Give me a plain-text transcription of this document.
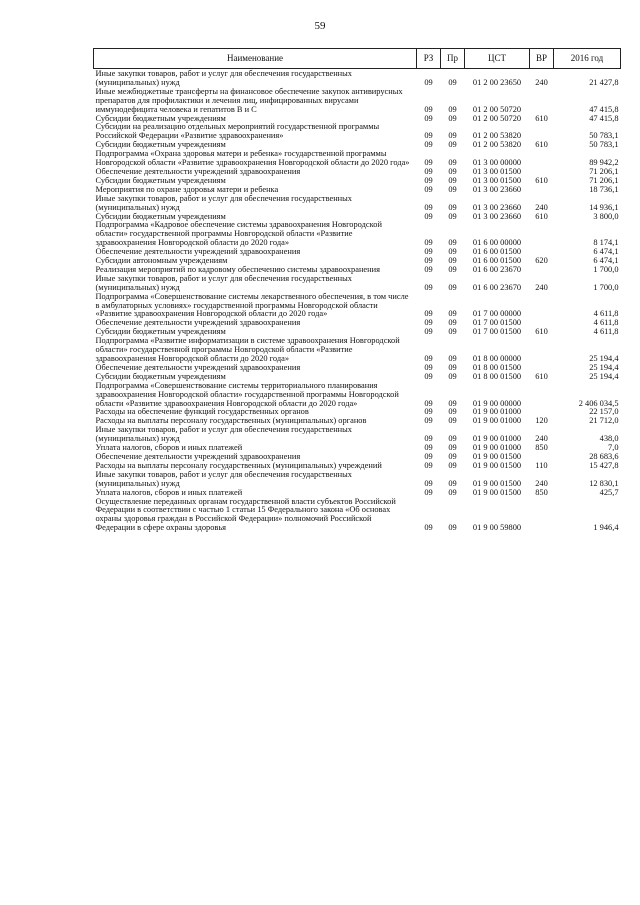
59
Наименование	РЗ	Пр	ЦСТ	ВР	2016 год
Иные закупки товаров, работ и услуг для обеспечения государственных (муниципальных) нужд	09	09	01 2 00 23650	240	21 427,8
Иные межбюджетные трансферты на финансовое обеспечение закупок антивирусных препаратов для профилактики и лечения лиц, инфицированных вирусами иммунодефицита человека и гепатитов В и С	09	09	01 2 00 50720		47 415,8
Субсидии бюджетным учреждениям	09	09	01 2 00 50720	610	47 415,8
Субсидии на реализацию отдельных мероприятий государственной программы Российской Федерации «Развитие здравоохранения»	09	09	01 2 00 53820		50 783,1
Субсидии бюджетным учреждениям	09	09	01 2 00 53820	610	50 783,1
Подпрограмма «Охрана здоровья матери и ребенка» государственной программы Новгородской области «Развитие здравоохранения Новгородской области до 2020 года»	09	09	01 3 00 00000		89 942,2
Обеспечение деятельности учреждений здравоохранения	09	09	01 3 00 01500		71 206,1
Субсидии бюджетным учреждениям	09	09	01 3 00 01500	610	71 206,1
Мероприятия по охране здоровья матери и ребенка	09	09	01 3 00 23660		18 736,1
Иные закупки товаров, работ и услуг для обеспечения государственных (муниципальных) нужд	09	09	01 3 00 23660	240	14 936,1
Субсидии бюджетным учреждениям	09	09	01 3 00 23660	610	3 800,0
Подпрограмма «Кадровое обеспечение системы здравоохранения Новгородской области» государственной программы Новгородской области «Развитие здравоохранения Новгородской области до 2020 года»	09	09	01 6 00 00000		8 174,1
Обеспечение деятельности учреждений здравоохранения	09	09	01 6 00 01500		6 474,1
Субсидии автономным учреждениям	09	09	01 6 00 01500	620	6 474,1
Реализация мероприятий по кадровому обеспечению системы здравоохранения	09	09	01 6 00 23670		1 700,0
Иные закупки товаров, работ и услуг для обеспечения государственных (муниципальных) нужд	09	09	01 6 00 23670	240	1 700,0
Подпрограмма «Совершенствование системы лекарственного обеспечения, в том числе в амбулаторных условиях» государственной программы Новгородской области «Развитие здравоохранения Новгородской области до 2020 года»	09	09	01 7 00 00000		4 611,8
Обеспечение деятельности учреждений здравоохранения	09	09	01 7 00 01500		4 611,8
Субсидии бюджетным учреждениям	09	09	01 7 00 01500	610	4 611,8
Подпрограмма «Развитие информатизации в системе здравоохранения Новгородской области» государственной программы Новгородской области «Развитие здравоохранения Новгородской области до 2020 года»	09	09	01 8 00 00000		25 194,4
Обеспечение деятельности учреждений здравоохранения	09	09	01 8 00 01500		25 194,4
Субсидии бюджетным учреждениям	09	09	01 8 00 01500	610	25 194,4
Подпрограмма «Совершенствование системы территориального планирования здравоохранения Новгородской области» государственной программы Новгородской области «Развитие здравоохранения Новгородской области до 2020 года»	09	09	01 9 00 00000		2 406 034,5
Расходы на обеспечение функций государственных органов	09	09	01 9 00 01000		22 157,0
Расходы на выплаты персоналу государственных (муниципальных) органов	09	09	01 9 00 01000	120	21 712,0
Иные закупки товаров, работ и услуг для обеспечения государственных (муниципальных) нужд	09	09	01 9 00 01000	240	438,0
Уплата налогов, сборов и иных платежей	09	09	01 9 00 01000	850	7,0
Обеспечение деятельности учреждений здравоохранения	09	09	01 9 00 01500		28 683,6
Расходы на выплаты персоналу государственных (муниципальных) учреждений	09	09	01 9 00 01500	110	15 427,8
Иные закупки товаров, работ и услуг для обеспечения государственных (муниципальных) нужд	09	09	01 9 00 01500	240	12 830,1
Уплата налогов, сборов и иных платежей	09	09	01 9 00 01500	850	425,7
Осуществление переданных органам государственной власти субъектов Российской Федерации в соответствии с частью 1 статьи 15 Федерального закона «Об основах охраны здоровья граждан в Российской Федерации» полномочий Российской Федерации в сфере охраны здоровья	09	09	01 9 00 59800		1 946,4
